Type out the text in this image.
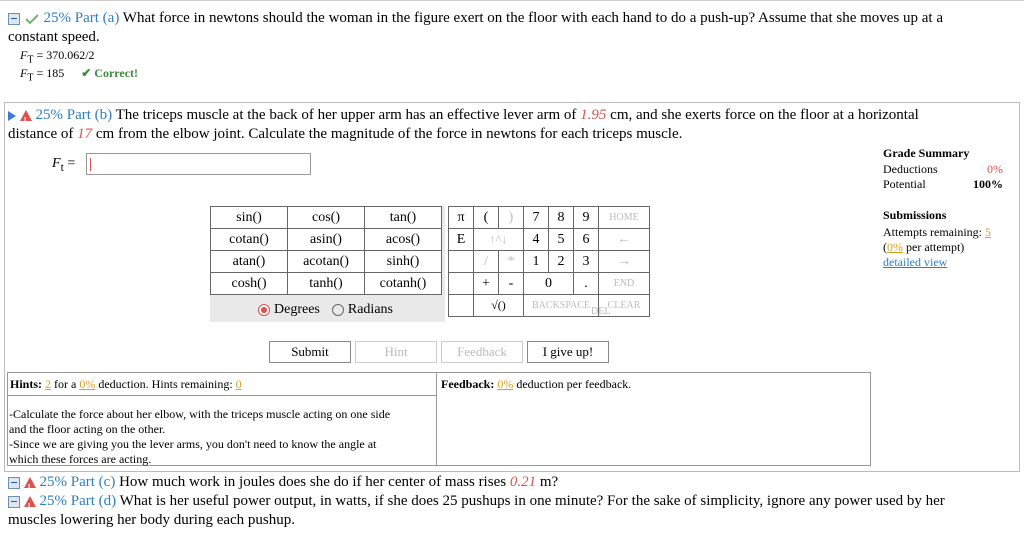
25% Part (a) What force in newtons should the woman in the figure exert on the floor with each hand to do a push-up? Assume that she moves up at a
constant speed.
$F_T = 370.062/2$
$F_T = 185$ ✔ Correct!

! 25% Part (b) The triceps muscle at the back of her upper arm has an effective lever arm of 1.95 cm, and she exerts force on the floor at a horizontal
distance of 17 cm from the elbow joint. Calculate the magnitude of the force in newtons for each triceps muscle.
$F_t$ =
Grade Summary
Deductions	0%
Potential	100%
Submissions
Attempts remaining: 5
(0% per attempt)
detailed view
sin()	cos()	tan()
cotan()	asin()	acos()
atan()	acotan()	sinh()
cosh()	tanh()	cotanh()
Degrees Radians
π	(	)	7	8	9	HOME
E	↑^↓		4	5	6	←
	/	*	1	2	3	→
	+	-	0		.	END
	√()		BACKSPACE			CLEAR
DEL
Submit	Hint	Feedback	I give up!
Hints: 2 for a 0% deduction. Hints remaining: 0
-Calculate the force about her elbow, with the triceps muscle acting on one side
and the floor acting on the other.
-Since we are giving you the lever arms, you don't need to know the angle at
which these forces are acting.
Feedback: 0% deduction per feedback.

! 25% Part (c) How much work in joules does she do if her center of mass rises 0.21 m?

! 25% Part (d) What is her useful power output, in watts, if she does 25 pushups in one minute? For the sake of simplicity, ignore any power used by her
muscles lowering her body during each pushup.
